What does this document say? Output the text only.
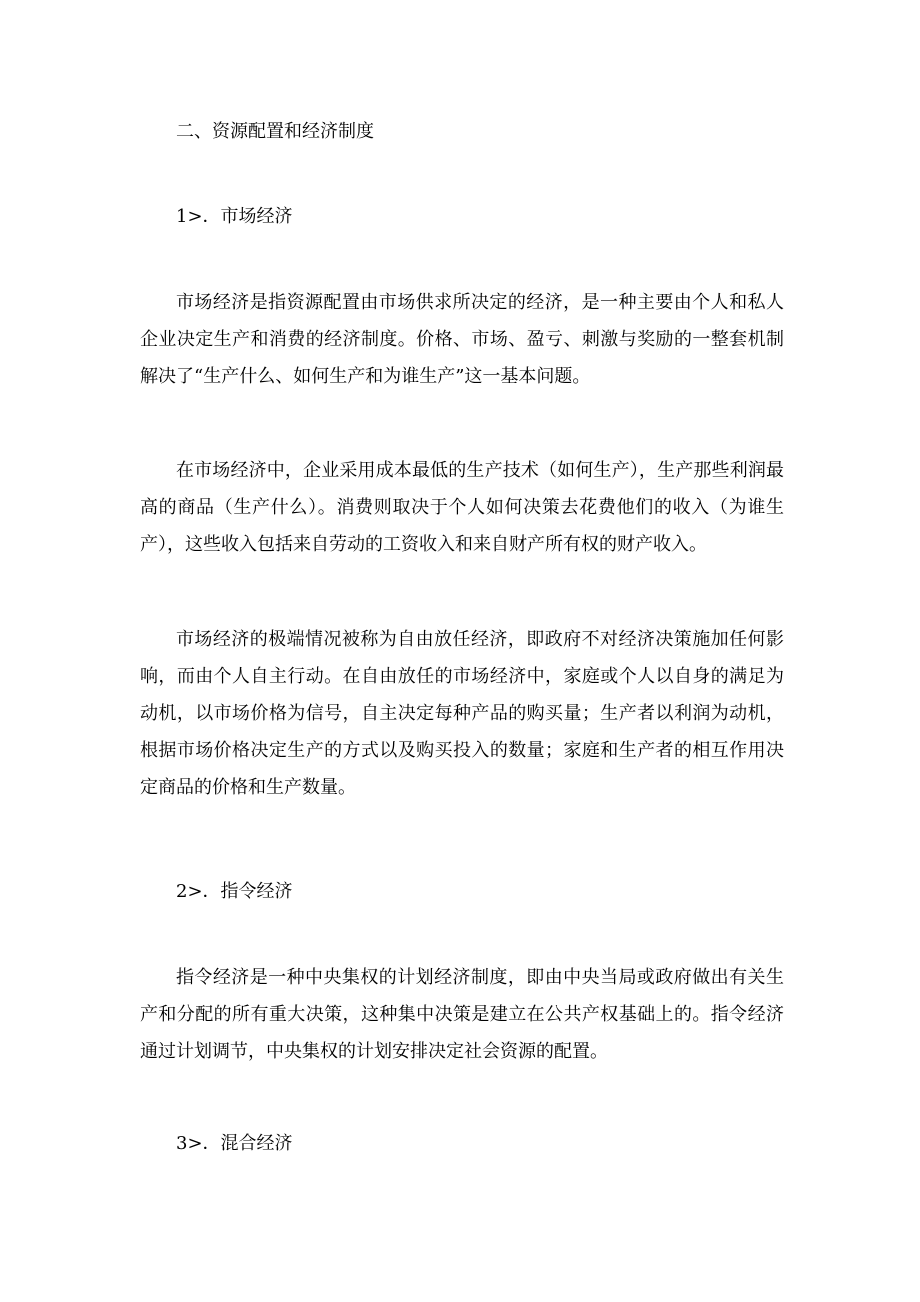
二、资源配置和经济制度
1>．市场经济

市场经济是指资源配置由市场供求所决定的经济，是一种主要由个人和私人企业决定生产和消费的经济制度。价格、市场、盈亏、刺激与奖励的一整套机制解决了“生产什么、如何生产和为谁生产”这一基本问题。

在市场经济中，企业采用成本最低的生产技术（如何生产），生产那些利润最高的商品（生产什么）。消费则取决于个人如何决策去花费他们的收入（为谁生产），这些收入包括来自劳动的工资收入和来自财产所有权的财产收入。

市场经济的极端情况被称为自由放任经济，即政府不对经济决策施加任何影响，而由个人自主行动。在自由放任的市场经济中，家庭或个人以自身的满足为动机，以市场价格为信号，自主决定每种产品的购买量；生产者以利润为动机，根据市场价格决定生产的方式以及购买投入的数量；家庭和生产者的相互作用决定商品的价格和生产数量。

2>．指令经济

指令经济是一种中央集权的计划经济制度，即由中央当局或政府做出有关生产和分配的所有重大决策，这种集中决策是建立在公共产权基础上的。指令经济通过计划调节，中央集权的计划安排决定社会资源的配置。

3>．混合经济
